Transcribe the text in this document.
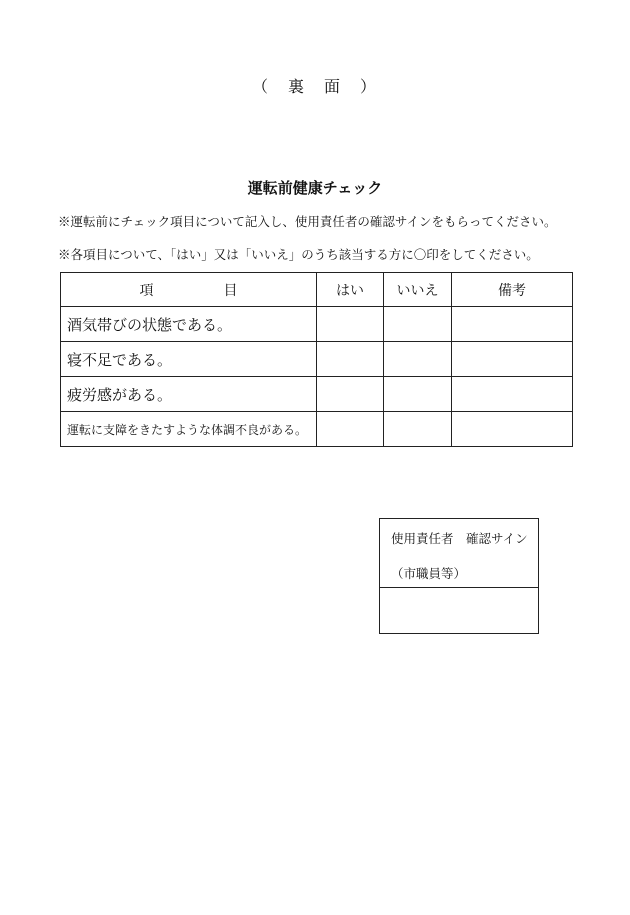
（　裏　面　）
運転前健康チェック
※運転前にチェック項目について記入し、使用責任者の確認サインをもらってください。
※各項目について、「はい」又は「いいえ」のうち該当する方に〇印をしてください。
項　　　　　目	はい	いいえ	備考
酒気帯びの状態である。			
寝不足である。			
疲労感がある。			
運転に支障をきたすような体調不良がある。			
使用責任者　確認サイン
（市職員等）
